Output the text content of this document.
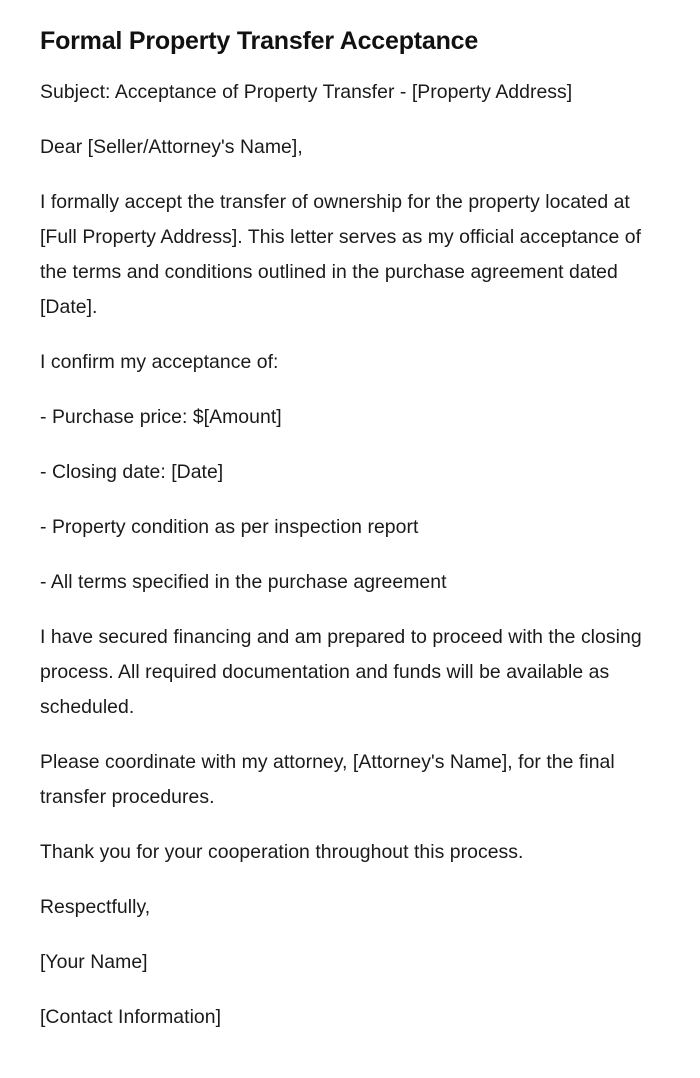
Formal Property Transfer Acceptance

Subject: Acceptance of Property Transfer - [Property Address]

Dear [Seller/Attorney's Name],

I formally accept the transfer of ownership for the property located at [Full Property Address]. This letter serves as my official acceptance of the terms and conditions outlined in the purchase agreement dated [Date].

I confirm my acceptance of:

- Purchase price: $[Amount]

- Closing date: [Date]

- Property condition as per inspection report

- All terms specified in the purchase agreement

I have secured financing and am prepared to proceed with the closing process. All required documentation and funds will be available as scheduled.

Please coordinate with my attorney, [Attorney's Name], for the final transfer procedures.

Thank you for your cooperation throughout this process.

Respectfully,

[Your Name]

[Contact Information]
